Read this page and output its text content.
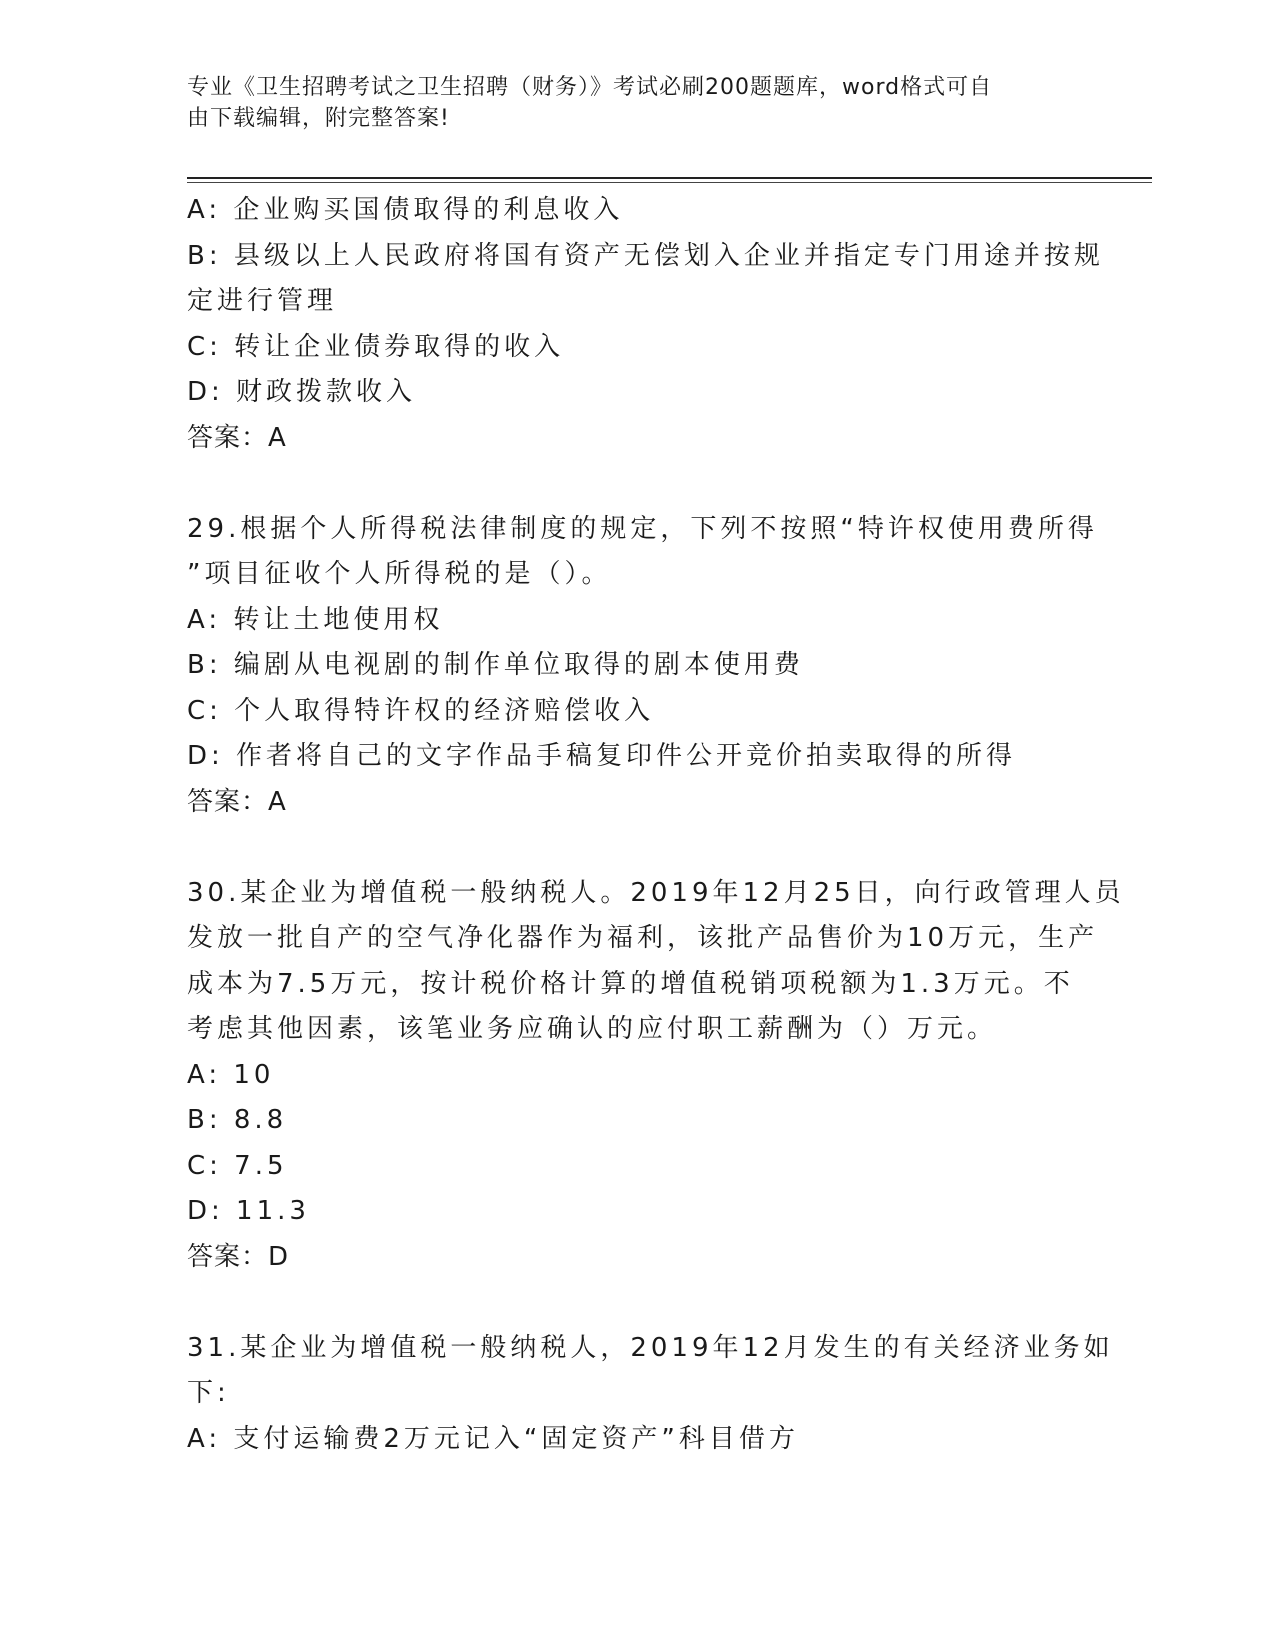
专业《卫生招聘考试之卫生招聘（财务）》考试必刷200题题库，word格式可自
由下载编辑，附完整答案!
A: 企业购买国债取得的利息收入
B: 县级以上人民政府将国有资产无偿划入企业并指定专门用途并按规
定进行管理
C: 转让企业债券取得的收入
D: 财政拨款收入
答案：A
29.根据个人所得税法律制度的规定，下列不按照“特许权使用费所得
”项目征收个人所得税的是（）。
A: 转让土地使用权
B: 编剧从电视剧的制作单位取得的剧本使用费
C: 个人取得特许权的经济赔偿收入
D: 作者将自己的文字作品手稿复印件公开竞价拍卖取得的所得
答案：A
30.某企业为增值税一般纳税人。2019年12月25日，向行政管理人员
发放一批自产的空气净化器作为福利，该批产品售价为10万元，生产
成本为7.5万元，按计税价格计算的增值税销项税额为1.3万元。不
考虑其他因素，该笔业务应确认的应付职工薪酬为（）万元。
A: 10
B: 8.8
C: 7.5
D: 11.3
答案：D
31.某企业为增值税一般纳税人，2019年12月发生的有关经济业务如
下:
A: 支付运输费2万元记入“固定资产”科目借方
